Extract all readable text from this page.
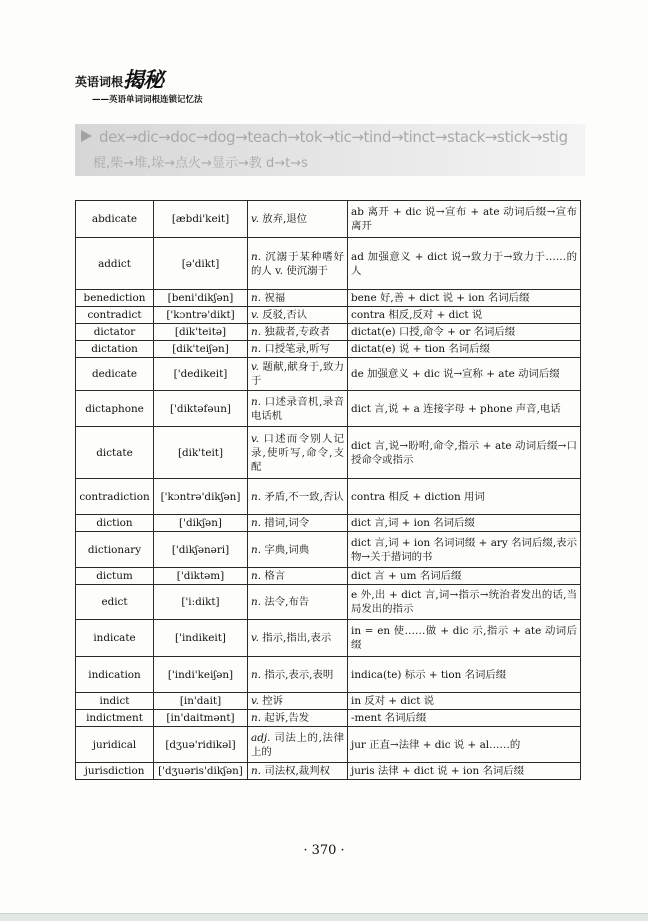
英语词根揭秘
——英语单词词根连锁记忆法
dex→dic→doc→dog→teach→tok→tic→tind→tinct→stack→stick→stig
棍,柴→堆,垛→点火→显示→教 d→t→s
abdicate	[æbdi'keit]	v. 放弃,退位	ab 离开 + dic 说→宣布 + ate 动词后缀→宣布离开
addict	[ə'dikt]	n. 沉溺于某种嗜好的人 v. 使沉溺于	ad 加强意义 + dict 说→致力于→致力于……的人
benediction	[beni'dikʃən]	n. 祝福	bene 好,善 + dict 说 + ion 名词后缀
contradict	['kɔntrə'dikt]	v. 反驳,否认	contra 相反,反对 + dict 说
dictator	[dik'teitə]	n. 独裁者,专政者	dictat(e) 口授,命令 + or 名词后缀
dictation	[dik'teiʃən]	n. 口授笔录,听写	dictat(e) 说 + tion 名词后缀
dedicate	['dedikeit]	v. 题献,献身于,致力于	de 加强意义 + dic 说→宣称 + ate 动词后缀
dictaphone	['diktəfəun]	n. 口述录音机,录音电话机	dict 言,说 + a 连接字母 + phone 声音,电话
dictate	[dik'teit]	v. 口述而令别人记录,使听写,命令,支配	dict 言,说→盼咐,命令,指示 + ate 动词后缀→口授命令或指示
contradiction	['kɔntrə'dikʃən]	n. 矛盾,不一致,否认	contra 相反 + diction 用词
diction	['dikʃən]	n. 措词,词令	dict 言,词 + ion 名词后缀
dictionary	['dikʃənəri]	n. 字典,词典	dict 言,词 + ion 名词词缀 + ary 名词后缀,表示物→关于措词的书
dictum	['diktəm]	n. 格言	dict 言 + um 名词后缀
edict	['i:dikt]	n. 法令,布告	e 外,出 + dict 言,词→指示→统治者发出的话,当局发出的指示
indicate	['indikeit]	v. 指示,指出,表示	in = en 使……做 + dic 示,指示 + ate 动词后缀
indication	['indi'keiʃən]	n. 指示,表示,表明	indica(te) 标示 + tion 名词后缀
indict	[in'dait]	v. 控诉	in 反对 + dict 说
indictment	[in'daitmənt]	n. 起诉,告发	-ment 名词后缀
juridical	[dʒuə'ridikəl]	adj. 司法上的,法律上的	jur 正直→法律 + dic 说 + al……的
jurisdiction	['dʒuəris'dikʃən]	n. 司法权,裁判权	juris 法律 + dict 说 + ion 名词后缀
· 370 ·
